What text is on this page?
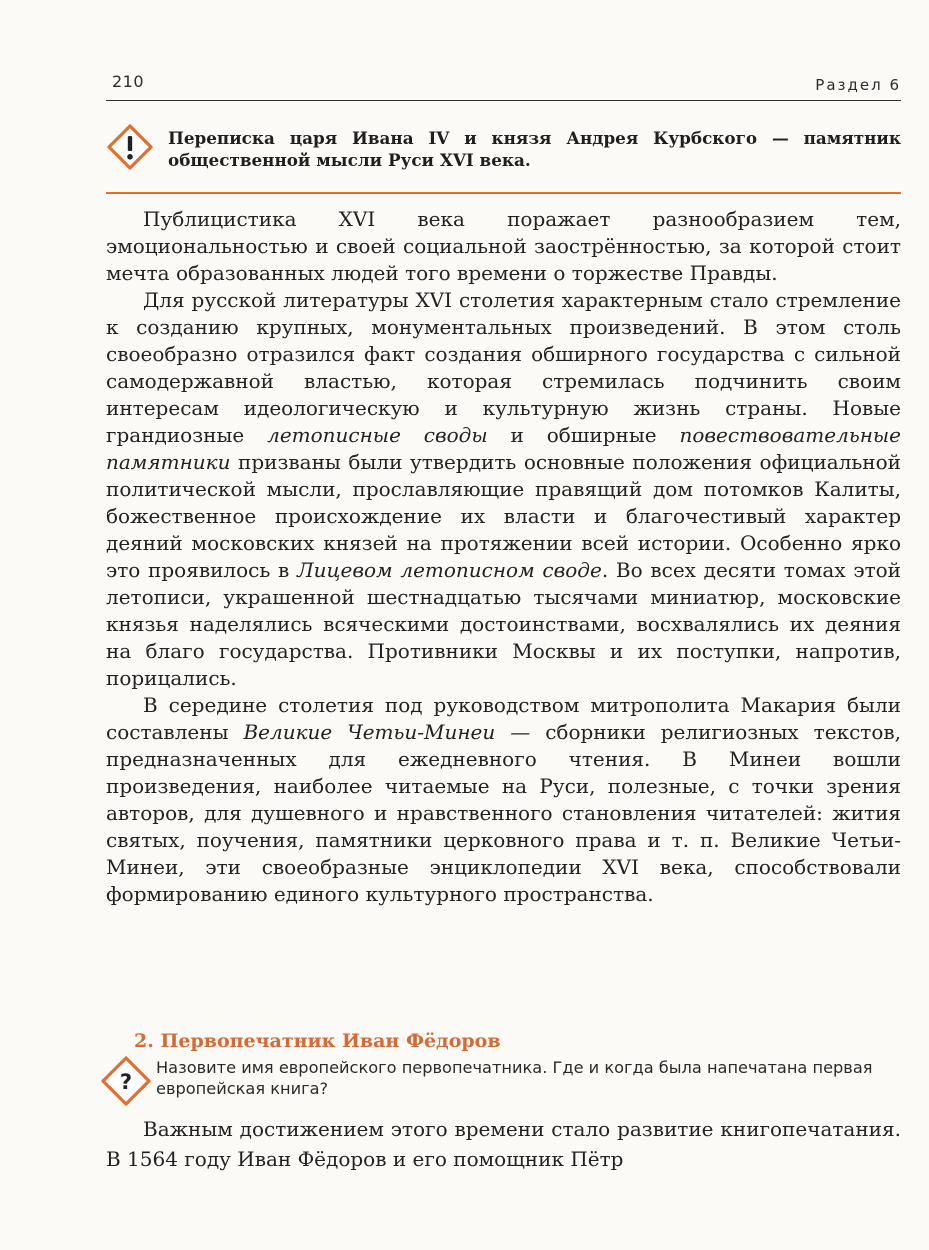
210	Раздел 6
Переписка царя Ивана IV и князя Андрея Курбского — памятник общественной мысли Руси XVI века.

Публицистика XVI века поражает разнообразием тем, эмоциональностью и своей социальной заострённостью, за которой стоит мечта образованных людей того времени о торжестве Правды.

Для русской литературы XVI столетия характерным стало стремление к созданию крупных, монументальных произведений. В этом столь своеобразно отразился факт создания обширного государства с сильной самодержавной властью, которая стремилась подчинить своим интересам идеологическую и культурную жизнь страны. Новые грандиозные летописные своды и обширные повествовательные памятники призваны были утвердить основные положения официальной политической мысли, прославляющие правящий дом потомков Калиты, божественное происхождение их власти и благочестивый характер деяний московских князей на протяжении всей истории. Особенно ярко это проявилось в Лицевом летописном своде. Во всех десяти томах этой летописи, украшенной шестнадцатью тысячами миниатюр, московские князья наделялись всяческими достоинствами, восхвалялись их деяния на благо государства. Противники Москвы и их поступки, напротив, порицались.

В середине столетия под руководством митрополита Макария были составлены Великие Четьи-Минеи — сборники религиозных текстов, предназначенных для ежедневного чтения. В Минеи вошли произведения, наиболее читаемые на Руси, полезные, с точки зрения авторов, для душевного и нравственного становления читателей: жития святых, поучения, памятники церковного права и т. п. Великие Четьи-Минеи, эти своеобразные энциклопедии XVI века, способствовали формированию единого культурного пространства.

2. Первопечатник Иван Фёдоров
?
Назовите имя европейского первопечатника. Где и когда была напечатана первая европейская книга?

Важным достижением этого времени стало развитие книгопечатания. В 1564 году Иван Фёдоров и его помощник Пётр
